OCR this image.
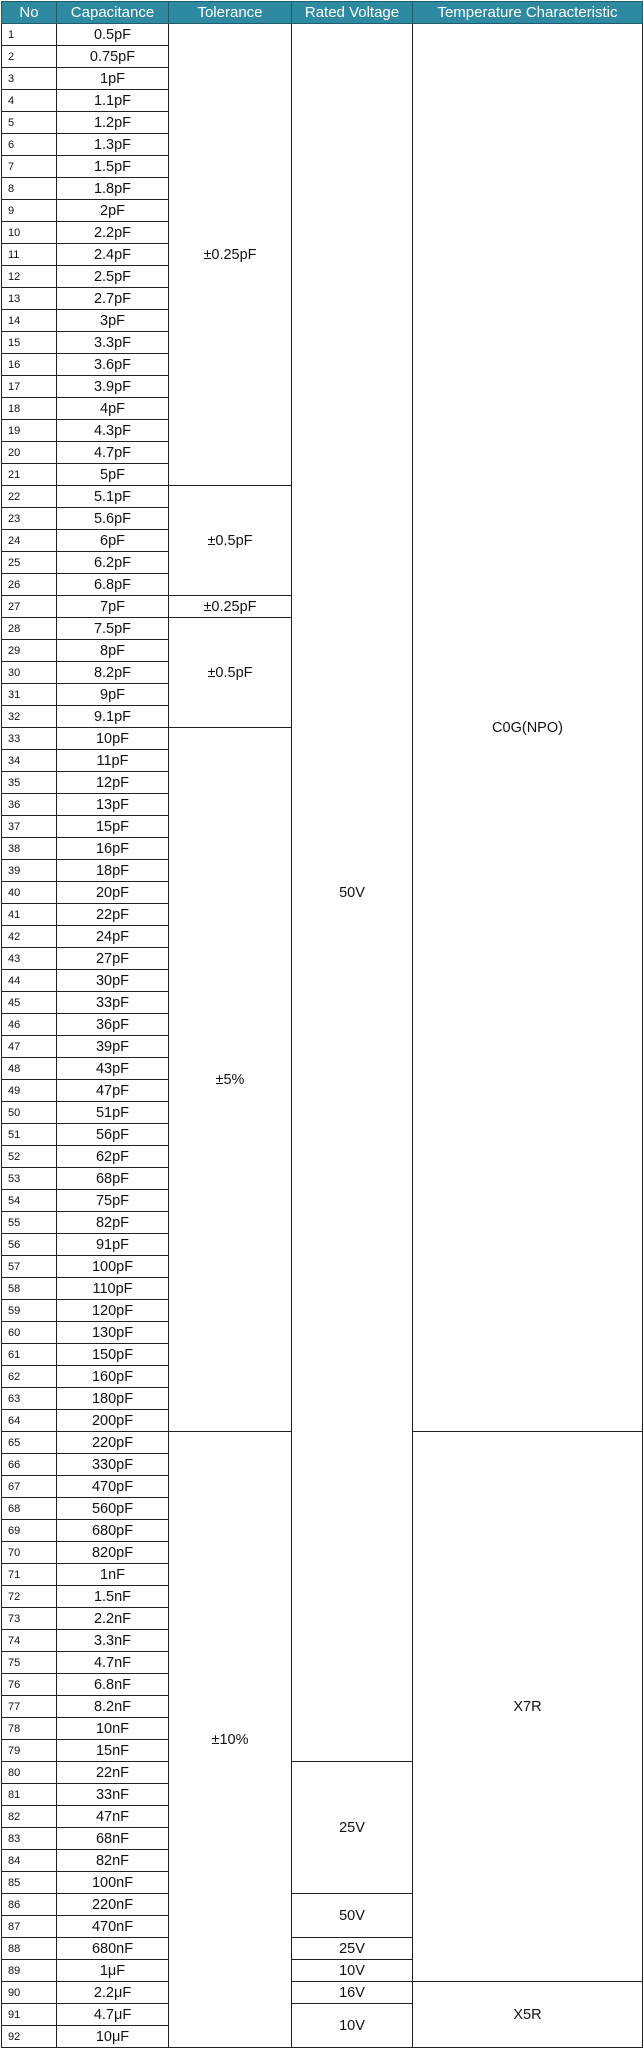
No	Capacitance	Tolerance	Rated Voltage	Temperature Characteristic
1	0.5pF	±0.25pF	50V	C0G(NPO)
2	0.75pF			
3	1pF			
4	1.1pF			
5	1.2pF			
6	1.3pF			
7	1.5pF			
8	1.8pF			
9	2pF			
10	2.2pF			
11	2.4pF			
12	2.5pF			
13	2.7pF			
14	3pF			
15	3.3pF			
16	3.6pF			
17	3.9pF			
18	4pF			
19	4.3pF			
20	4.7pF			
21	5pF			
22	5.1pF	±0.5pF		
23	5.6pF			
24	6pF			
25	6.2pF			
26	6.8pF			
27	7pF	±0.25pF		
28	7.5pF	±0.5pF		
29	8pF			
30	8.2pF			
31	9pF			
32	9.1pF			
33	10pF	±5%		
34	11pF			
35	12pF			
36	13pF			
37	15pF			
38	16pF			
39	18pF			
40	20pF			
41	22pF			
42	24pF			
43	27pF			
44	30pF			
45	33pF			
46	36pF			
47	39pF			
48	43pF			
49	47pF			
50	51pF			
51	56pF			
52	62pF			
53	68pF			
54	75pF			
55	82pF			
56	91pF			
57	100pF			
58	110pF			
59	120pF			
60	130pF			
61	150pF			
62	160pF			
63	180pF			
64	200pF			
65	220pF	±10%		X7R
66	330pF			
67	470pF			
68	560pF			
69	680pF			
70	820pF			
71	1nF			
72	1.5nF			
73	2.2nF			
74	3.3nF			
75	4.7nF			
76	6.8nF			
77	8.2nF			
78	10nF			
79	15nF			
80	22nF		25V	
81	33nF			
82	47nF			
83	68nF			
84	82nF			
85	100nF			
86	220nF		50V	
87	470nF			
88	680nF		25V	
89	1μF		10V	
90	2.2μF		16V	X5R
91	4.7μF		10V	
92	10μF			
